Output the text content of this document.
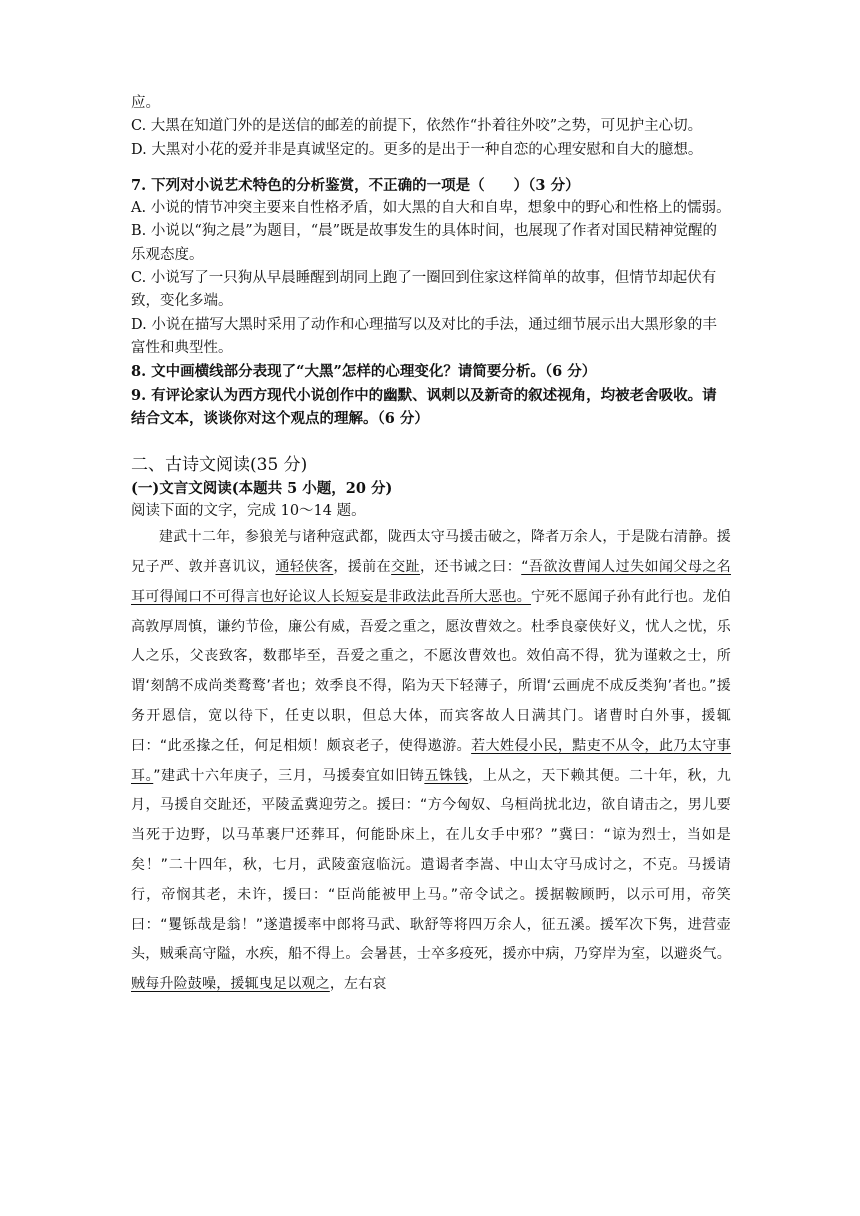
应。
C. 大黑在知道门外的是送信的邮差的前提下，依然作“扑着往外咬”之势，可见护主心切。
D. 大黑对小花的爱并非是真诚坚定的。更多的是出于一种自恋的心理安慰和自大的臆想。
7. 下列对小说艺术特色的分析鉴赏，不正确的一项是（　　）（3 分）
A. 小说的情节冲突主要来自性格矛盾，如大黑的自大和自卑，想象中的野心和性格上的懦弱。
B. 小说以“狗之晨”为题目，“晨”既是故事发生的具体时间，也展现了作者对国民精神觉醒的乐观态度。
C. 小说写了一只狗从早晨睡醒到胡同上跑了一圈回到住家这样简单的故事，但情节却起伏有致，变化多端。
D. 小说在描写大黑时采用了动作和心理描写以及对比的手法，通过细节展示出大黑形象的丰富性和典型性。
8. 文中画横线部分表现了“大黑”怎样的心理变化？请简要分析。（6 分）
9. 有评论家认为西方现代小说创作中的幽默、讽刺以及新奇的叙述视角，均被老舍吸收。请结合文本，谈谈你对这个观点的理解。（6 分）
二、古诗文阅读(35 分)
(一)文言文阅读(本题共 5 小题，20 分)
阅读下面的文字，完成 10～14 题。
建武十二年，参狼羌与诸种寇武都，陇西太守马援击破之，降者万余人，于是陇右清静。援兄子严、敦并喜讥议，通轻侠客，援前在交趾，还书诫之曰：“吾欲汝曹闻人过失如闻父母之名耳可得闻口不可得言也好论议人长短妄是非政法此吾所大恶也。宁死不愿闻子孙有此行也。龙伯高敦厚周慎，谦约节俭，廉公有威，吾爱之重之，愿汝曹效之。杜季良豪侠好义，忧人之忧，乐人之乐，父丧致客，数郡毕至，吾爱之重之，不愿汝曹效也。效伯高不得，犹为谨敕之士，所谓‘刻鹄不成尚类鹜鹜’者也；效季良不得，陷为天下轻薄子，所谓‘云画虎不成反类狗’者也。”援务开恩信，宽以待下，任吏以职，但总大体，而宾客故人日满其门。诸曹时白外事，援辄曰：“此丞掾之任，何足相烦！颇哀老子，使得遨游。若大姓侵小民，黠吏不从令，此乃太守事耳。”建武十六年庚子，三月，马援奏宜如旧铸五铢钱，上从之，天下赖其便。二十年，秋，九月，马援自交趾还，平陵孟冀迎劳之。援曰：“方今匈奴、乌桓尚扰北边，欲自请击之，男儿要当死于边野，以马革裹尸还葬耳，何能卧床上，在儿女手中邪？”冀曰：“谅为烈士，当如是矣！”二十四年，秋，七月，武陵蛮寇临沅。遣谒者李嵩、中山太守马成讨之，不克。马援请行，帝悯其老，未许，援曰：“臣尚能被甲上马。”帝令试之。援据鞍顾眄，以示可用，帝笑曰：“矍铄哉是翁！”遂遣援率中郎将马武、耿舒等将四万余人，征五溪。援军次下隽，进营壶头，贼乘高守隘，水疾，船不得上。会暑甚，士卒多疫死，援亦中病，乃穿岸为室，以避炎气。贼每升险鼓噪，援辄曳足以观之，左右哀
